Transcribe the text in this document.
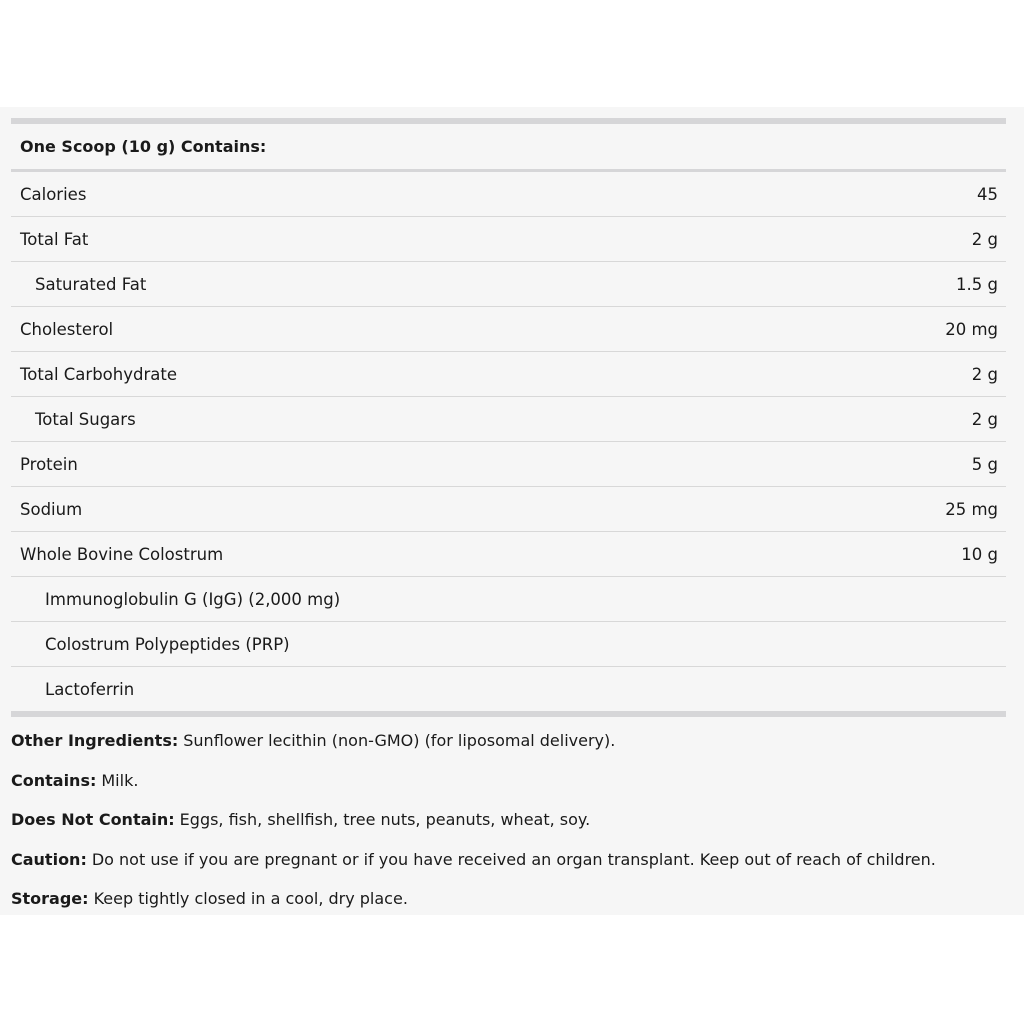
One Scoop (10 g) Contains:
Calories	45
Total Fat	2 g
Saturated Fat	1.5 g
Cholesterol	20 mg
Total Carbohydrate	2 g
Total Sugars	2 g
Protein	5 g
Sodium	25 mg
Whole Bovine Colostrum	10 g
Immunoglobulin G (IgG) (2,000 mg)
Colostrum Polypeptides (PRP)
Lactoferrin
Other Ingredients: Sunflower lecithin (non-GMO) (for liposomal delivery).
Contains: Milk.
Does Not Contain: Eggs, fish, shellfish, tree nuts, peanuts, wheat, soy.
Caution: Do not use if you are pregnant or if you have received an organ transplant. Keep out of reach of children.
Storage: Keep tightly closed in a cool, dry place.
